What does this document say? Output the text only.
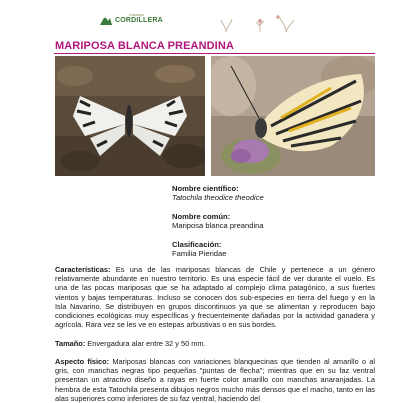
Consejo
CORDILLERA
MARIPOSA BLANCA PREANDINA
Nombre científico:
Tatochila theodice theodice
Nombre común:
Mariposa blanca preandina
Clasificación:
Familia Pieridae
Características: Es una de las mariposas blancas de Chile y pertenece a un género relativamente abundante en nuestro territorio. Es una especie fácil de ver durante el vuelo. Es una de las pocas mariposas que se ha adaptado al complejo clima patagónico, a sus fuertes vientos y bajas temperaturas. Incluso se conocen dos sub-especies en tierra del fuego y en la Isla Navarino. Se distribuyen en grupos discontinuos ya que se alimentan y reproducen bajo condiciones ecológicas muy específicas y frecuentemente dañadas por la actividad ganadera y agrícola. Rara vez se les ve en estepas arbustivas o en sus bordes.
Tamaño: Envergadura alar entre 32 y 50 mm.
Aspecto físico: Mariposas blancas con variaciones blanquecinas que tienden al amarillo o al gris, con manchas negras tipo pequeñas "puntas de flecha"; mientras que en su faz ventral presentan un atractivo diseño a rayas en fuerte color amarillo con manchas anaranjadas. La hembra de esta Tatochila presenta dibujos negros mucho más densos que el macho, tanto en las alas superiores como inferiores de su faz ventral, haciendo del
